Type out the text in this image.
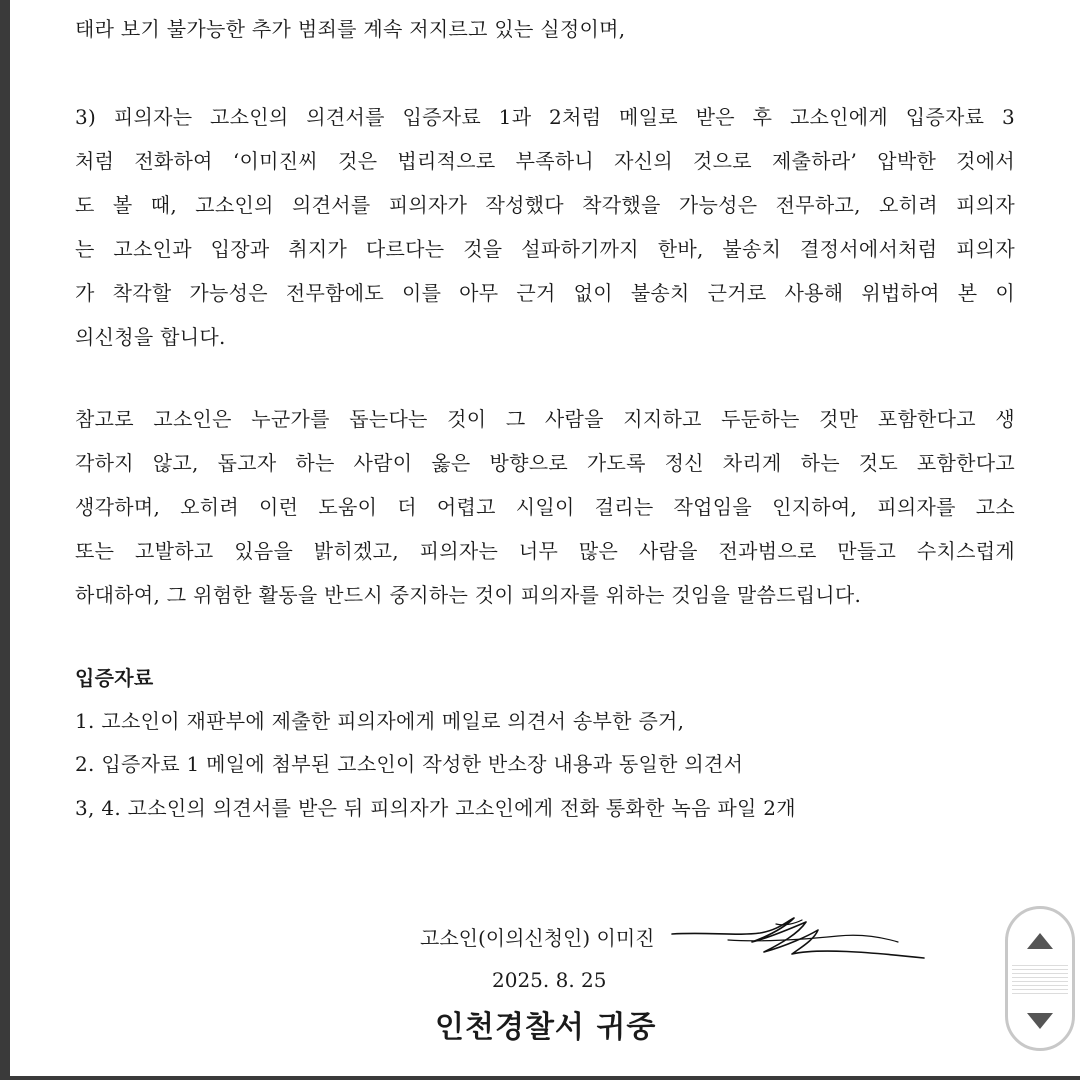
태라 보기 불가능한 추가 범죄를 계속 저지르고 있는 실정이며,
3) 피의자는 고소인의 의견서를 입증자료 1과 2처럼 메일로 받은 후 고소인에게 입증자료 3
처럼 전화하여 ‘이미진씨 것은 법리적으로 부족하니 자신의 것으로 제출하라’ 압박한 것에서
도 볼 때, 고소인의 의견서를 피의자가 작성했다 착각했을 가능성은 전무하고, 오히려 피의자
는 고소인과 입장과 취지가 다르다는 것을 설파하기까지 한바, 불송치 결정서에서처럼 피의자
가 착각할 가능성은 전무함에도 이를 아무 근거 없이 불송치 근거로 사용해 위법하여 본 이
의신청을 합니다.
참고로 고소인은 누군가를 돕는다는 것이 그 사람을 지지하고 두둔하는 것만 포함한다고 생
각하지 않고, 돕고자 하는 사람이 옳은 방향으로 가도록 정신 차리게 하는 것도 포함한다고
생각하며, 오히려 이런 도움이 더 어렵고 시일이 걸리는 작업임을 인지하여, 피의자를 고소
또는 고발하고 있음을 밝히겠고, 피의자는 너무 많은 사람을 전과범으로 만들고 수치스럽게
하대하여, 그 위험한 활동을 반드시 중지하는 것이 피의자를 위하는 것임을 말씀드립니다.
입증자료
1. 고소인이 재판부에 제출한 피의자에게 메일로 의견서 송부한 증거,
2. 입증자료 1 메일에 첨부된 고소인이 작성한 반소장 내용과 동일한 의견서
3, 4. 고소인의 의견서를 받은 뒤 피의자가 고소인에게 전화 통화한 녹음 파일 2개
고소인(이의신청인) 이미진
2025. 8. 25
인천경찰서 귀중
